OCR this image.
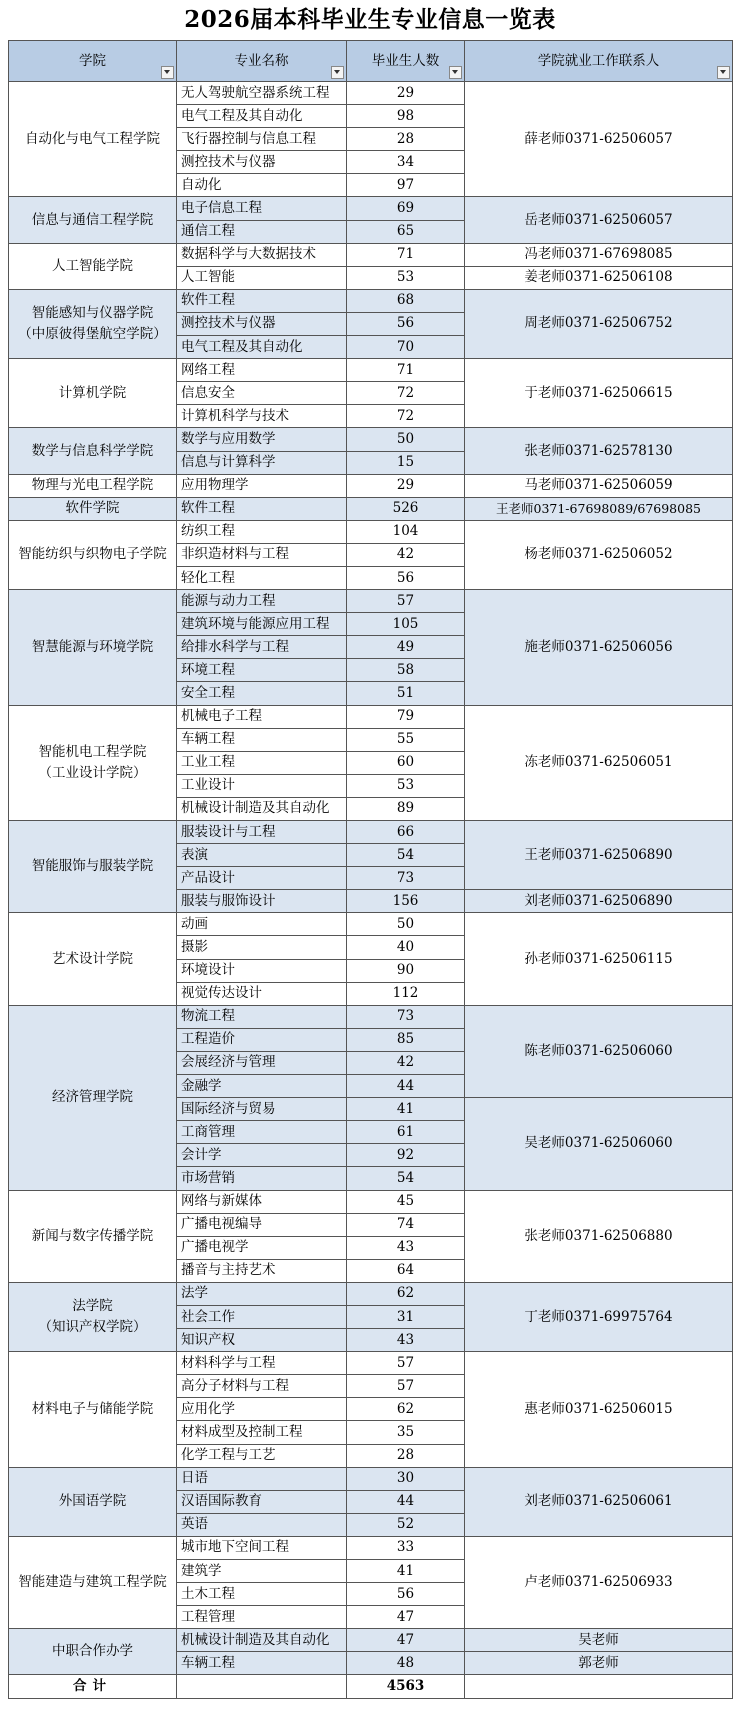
2026届本科毕业生专业信息一览表
学院	专业名称	毕业生人数	学院就业工作联系人

自动化与电气工程学院	无人驾驶航空器系统工程	29	薛老师0371-62506057
	电气工程及其自动化	98	
	飞行器控制与信息工程	28	
	测控技术与仪器	34	
	自动化	97	
信息与通信工程学院	电子信息工程	69	岳老师0371-62506057
	通信工程	65	
人工智能学院	数据科学与大数据技术	71	冯老师0371-67698085
	人工智能	53	姜老师0371-62506108
智能感知与仪器学院
（中原彼得堡航空学院）	软件工程	68	周老师0371-62506752
	测控技术与仪器	56	
	电气工程及其自动化	70	
计算机学院	网络工程	71	于老师0371-62506615
	信息安全	72	
	计算机科学与技术	72	
数学与信息科学学院	数学与应用数学	50	张老师0371-62578130
	信息与计算科学	15	
物理与光电工程学院	应用物理学	29	马老师0371-62506059
软件学院	软件工程	526	王老师0371-67698089/67698085
智能纺织与织物电子学院	纺织工程	104	杨老师0371-62506052
	非织造材料与工程	42	
	轻化工程	56	
智慧能源与环境学院	能源与动力工程	57	施老师0371-62506056
	建筑环境与能源应用工程	105	
	给排水科学与工程	49	
	环境工程	58	
	安全工程	51	
智能机电工程学院
（工业设计学院）	机械电子工程	79	冻老师0371-62506051
	车辆工程	55	
	工业工程	60	
	工业设计	53	
	机械设计制造及其自动化	89	
智能服饰与服装学院	服装设计与工程	66	王老师0371-62506890
	表演	54	
	产品设计	73	
	服装与服饰设计	156	刘老师0371-62506890
艺术设计学院	动画	50	孙老师0371-62506115
	摄影	40	
	环境设计	90	
	视觉传达设计	112	
经济管理学院	物流工程	73	陈老师0371-62506060
	工程造价	85	
	会展经济与管理	42	
	金融学	44	
	国际经济与贸易	41	吴老师0371-62506060
	工商管理	61	
	会计学	92	
	市场营销	54	
新闻与数字传播学院	网络与新媒体	45	张老师0371-62506880
	广播电视编导	74	
	广播电视学	43	
	播音与主持艺术	64	
法学院
（知识产权学院）	法学	62	丁老师0371-69975764
	社会工作	31	
	知识产权	43	
材料电子与储能学院	材料科学与工程	57	惠老师0371-62506015
	高分子材料与工程	57	
	应用化学	62	
	材料成型及控制工程	35	
	化学工程与工艺	28	
外国语学院	日语	30	刘老师0371-62506061
	汉语国际教育	44	
	英语	52	
智能建造与建筑工程学院	城市地下空间工程	33	卢老师0371-62506933
	建筑学	41	
	土木工程	56	
	工程管理	47	
中职合作办学	机械设计制造及其自动化	47	吴老师
	车辆工程	48	郭老师
合计		4563	
